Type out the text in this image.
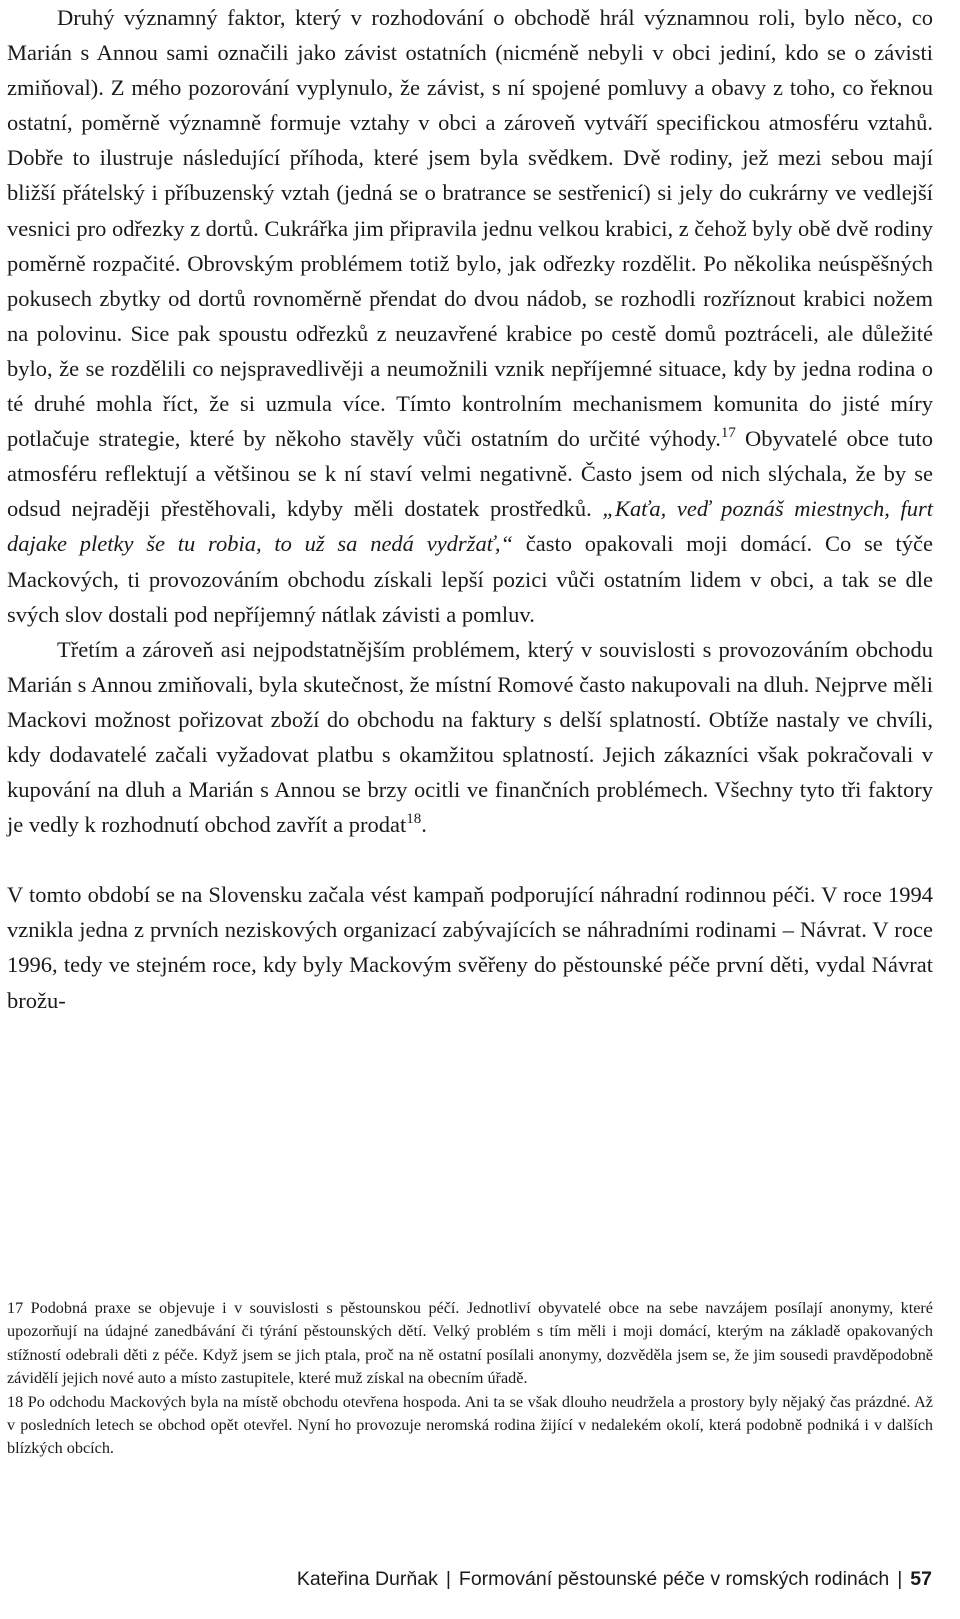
Druhý významný faktor, který v rozhodování o obchodě hrál významnou roli, bylo něco, co Marián s Annou sami označili jako závist ostatních (nicméně nebyli v obci jediní, kdo se o závisti zmiňoval). Z mého pozorování vyplynulo, že závist, s ní spojené pomluvy a obavy z toho, co řeknou ostatní, poměrně významně formuje vztahy v obci a zároveň vytváří specifickou atmosféru vztahů. Dobře to ilustruje následující příhoda, které jsem byla svědkem. Dvě rodiny, jež mezi sebou mají bližší přátelský i příbuzenský vztah (jedná se o bratrance se sestřenicí) si jely do cukrárny ve vedlejší vesnici pro odřezky z dortů. Cukrářka jim připravila jednu velkou krabici, z čehož byly obě dvě rodiny poměrně rozpačité. Obrovským problémem totiž bylo, jak odřezky rozdělit. Po několika neúspěšných pokusech zbytky od dortů rovnoměrně přendat do dvou nádob, se rozhodli rozříznout krabici nožem na polovinu. Sice pak spoustu odřezků z neuzavřené krabice po cestě domů poztráceli, ale důležité bylo, že se rozdělili co nejspravedlivěji a neumožnili vznik nepříjemné situace, kdy by jedna rodina o té druhé mohla říct, že si uzmula více. Tímto kontrolním mechanismem komunita do jisté míry potlačuje strategie, které by někoho stavěly vůči ostatním do určité výhody.$^{17}$ Obyvatelé obce tuto atmosféru reflektují a většinou se k ní staví velmi negativně. Často jsem od nich slýchala, že by se odsud nejraději přestěhovali, kdyby měli dostatek prostředků. „Kaťa, veď poznáš miestnych, furt dajake pletky še tu robia, to už sa nedá vydržať,“ často opakovali moji domácí. Co se týče Mackových, ti provozováním obchodu získali lepší pozici vůči ostatním lidem v obci, a tak se dle svých slov dostali pod nepříjemný nátlak závisti a pomluv.

Třetím a zároveň asi nejpodstatnějším problémem, který v souvislosti s provozováním obchodu Marián s Annou zmiňovali, byla skutečnost, že místní Romové často nakupovali na dluh. Nejprve měli Mackovi možnost pořizovat zboží do obchodu na faktury s delší splatností. Obtíže nastaly ve chvíli, kdy dodavatelé začali vyžadovat platbu s okamžitou splatností. Jejich zákazníci však pokračovali v kupování na dluh a Marián s Annou se brzy ocitli ve finančních problémech. Všechny tyto tři faktory je vedly k rozhodnutí obchod zavřít a prodat$^{18}$.

V tomto období se na Slovensku začala vést kampaň podporující náhradní rodinnou péči. V roce 1994 vznikla jedna z prvních neziskových organizací zabývajících se náhradními rodinami – Návrat. V roce 1996, tedy ve stejném roce, kdy byly Mackovým svěřeny do pěstounské péče první děti, vydal Návrat brožu-

17 Podobná praxe se objevuje i v souvislosti s pěstounskou péčí. Jednotliví obyvatelé obce na sebe navzájem posílají anonymy, které upozorňují na údajné zanedbávání či týrání pěstounských dětí. Velký problém s tím měli i moji domácí, kterým na základě opakovaných stížností odebrali děti z péče. Když jsem se jich ptala, proč na ně ostatní posílali anonymy, dozvěděla jsem se, že jim sousedi pravděpodobně závidělí jejich nové auto a místo zastupitele, které muž získal na obecním úřadě.

18 Po odchodu Mackových byla na místě obchodu otevřena hospoda. Ani ta se však dlouho neudržela a prostory byly nějaký čas prázdné. Až v posledních letech se obchod opět otevřel. Nyní ho provozuje neromská rodina žijící v nedalekém okolí, která podobně podniká i v dalších blízkých obcích.

Kateřina Durňak | Formování pěstounské péče v romských rodinách | 57
